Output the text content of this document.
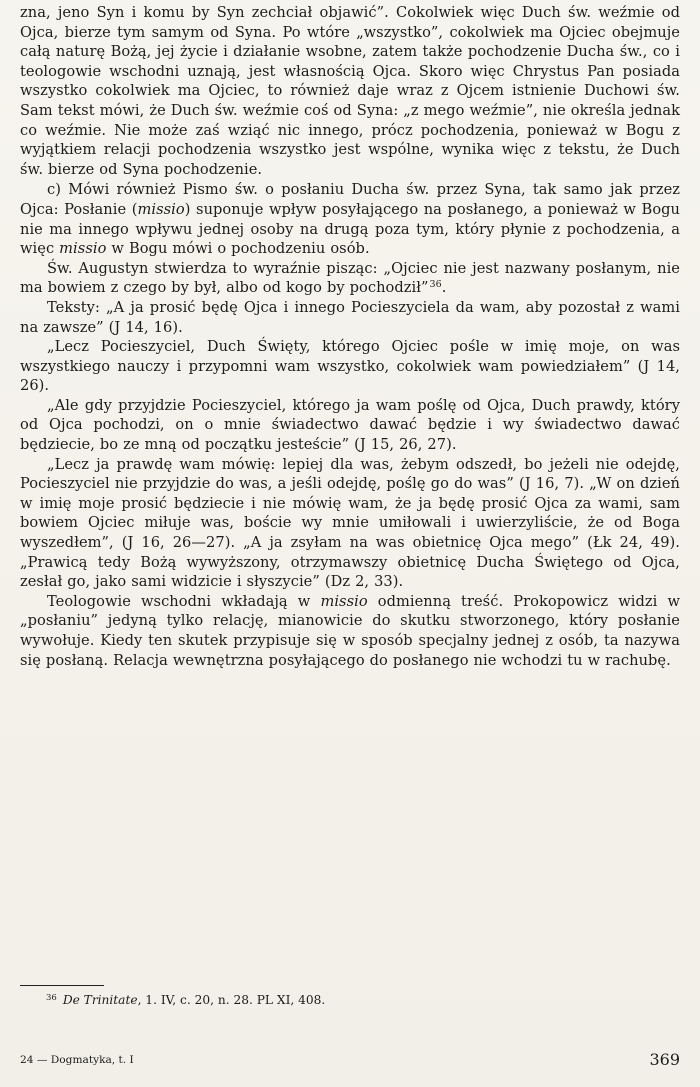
zna, jeno Syn i komu by Syn zechciał objawić”. Cokolwiek więc Duch św. weźmie od Ojca, bierze tym samym od Syna. Po wtóre „wszystko”, cokolwiek ma Ojciec obejmuje całą naturę Bożą, jej życie i działanie wsobne, zatem także pochodzenie Ducha św., co i teologowie wschodni uznają, jest własnością Ojca. Skoro więc Chrystus Pan posiada wszystko cokolwiek ma Ojciec, to również daje wraz z Ojcem istnienie Duchowi św. Sam tekst mówi, że Duch św. weźmie coś od Syna: „z mego weźmie”, nie określa jednak co weźmie. Nie może zaś wziąć nic innego, prócz pochodzenia, ponieważ w Bogu z wyjątkiem relacji pochodzenia wszystko jest wspólne, wynika więc z tekstu, że Duch św. bierze od Syna pochodzenie.

c) Mówi również Pismo św. o posłaniu Ducha św. przez Syna, tak samo jak przez Ojca: Posłanie (missio) suponuje wpływ posyłającego na posłanego, a ponieważ w Bogu nie ma innego wpływu jednej osoby na drugą poza tym, który płynie z pochodzenia, a więc missio w Bogu mówi o pochodzeniu osób.

Św. Augustyn stwierdza to wyraźnie pisząc: „Ojciec nie jest nazwany posłanym, nie ma bowiem z czego by był, albo od kogo by pochodził”$^{36}$.

Teksty: „A ja prosić będę Ojca i innego Pocieszyciela da wam, aby pozostał z wami na zawsze” (J 14, 16).

„Lecz Pocieszyciel, Duch Święty, którego Ojciec pośle w imię moje, on was wszystkiego nauczy i przypomni wam wszystko, cokolwiek wam powiedziałem” (J 14, 26).

„Ale gdy przyjdzie Pocieszyciel, którego ja wam poślę od Ojca, Duch prawdy, który od Ojca pochodzi, on o mnie świadectwo dawać będzie i wy świadectwo dawać będziecie, bo ze mną od początku jesteście” (J 15, 26, 27).

„Lecz ja prawdę wam mówię: lepiej dla was, żebym odszedł, bo jeżeli nie odejdę, Pocieszyciel nie przyjdzie do was, a jeśli odejdę, poślę go do was” (J 16, 7). „W on dzień w imię moje prosić będziecie i nie mówię wam, że ja będę prosić Ojca za wami, sam bowiem Ojciec miłuje was, boście wy mnie umiłowali i uwierzyliście, że od Boga wyszedłem”, (J 16, 26—27). „A ja zsyłam na was obietnicę Ojca mego” (Łk 24, 49). „Prawicą tedy Bożą wywyższony, otrzymawszy obietnicę Ducha Świętego od Ojca, zesłał go, jako sami widzicie i słyszycie” (Dz 2, 33).

Teologowie wschodni wkładają w missio odmienną treść. Prokopowicz widzi w „posłaniu” jedyną tylko relację, mianowicie do skutku stworzonego, który posłanie wywołuje. Kiedy ten skutek przypisuje się w sposób specjalny jednej z osób, ta nazywa się posłaną. Relacja wewnętrzna posyłającego do posłanego nie wchodzi tu w rachubę.

$^{36}$ De Trinitate, 1. IV, c. 20, n. 28. PL XI, 408.
24 — Dogmatyka, t. I	369
